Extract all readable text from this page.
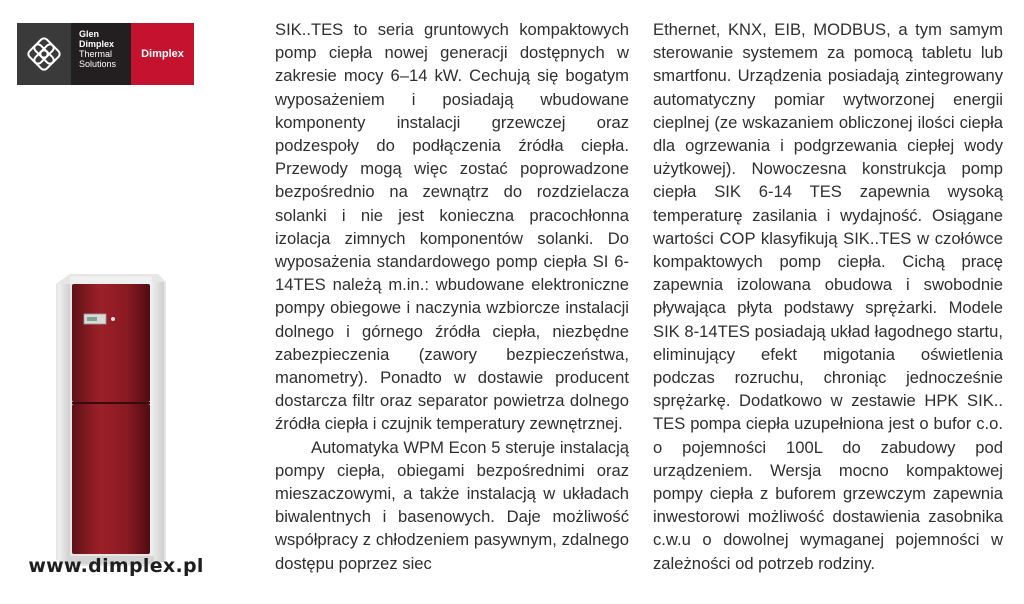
Glen
Dimplex
Thermal
Solutions
Dimplex
www.dimplex.pl

SIK..TES to seria gruntowych kompaktowych pomp ciepła nowej generacji dostępnych w zakresie mocy 6–14 kW. Cechują się bogatym wyposażeniem i posiadają wbudowane komponenty instalacji grzewczej oraz podzespoły do podłączenia źródła ciepła. Przewody mogą więc zostać poprowadzone bezpośrednio na zewnątrz do rozdzielacza solanki i nie jest konieczna pracochłonna izolacja zimnych komponentów solanki. Do wyposażenia standardowego pomp ciepła SI 6-14TES należą m.in.: wbudowane elektroniczne pompy obiegowe i naczynia wzbiorcze instalacji dolnego i górnego źródła ciepła, niezbędne zabezpieczenia (zawory bezpieczeństwa, manometry). Ponadto w dostawie producent dostarcza filtr oraz separator powietrza dolnego źródła ciepła i czujnik temperatury zewnętrznej.

Automatyka WPM Econ 5 steruje instalacją pompy ciepła, obiegami bezpośrednimi oraz mieszaczowymi, a także instalacją w układach biwalentnych i basenowych. Daje możliwość współpracy z chłodzeniem pasywnym, zdalnego dostępu poprzez siec

Ethernet, KNX, EIB, MODBUS, a tym samym sterowanie systemem za pomocą tabletu lub smartfonu. Urządzenia posiadają zintegrowany automatyczny pomiar wytworzonej energii cieplnej (ze wskazaniem obliczonej ilości ciepła dla ogrzewania i podgrzewania ciepłej wody użytkowej). Nowoczesna konstrukcja pomp ciepła SIK 6-14 TES zapewnia wysoką temperaturę zasilania i wydajność. Osiągane wartości COP klasyfikują SIK..TES w czołówce kompaktowych pomp ciepła. Cichą pracę zapewnia izolowana obudowa i swobodnie pływająca płyta podstawy sprężarki. Modele SIK 8-14TES posiadają układ łagodnego startu, eliminujący efekt migotania oświetlenia podczas rozruchu, chroniąc jednocześnie sprężarkę. Dodatkowo w zestawie HPK SIK.. TES pompa ciepła uzupełniona jest o bufor c.o. o pojemności 100L do zabudowy pod urządzeniem. Wersja mocno kompaktowej pompy ciepła z buforem grzewczym zapewnia inwestorowi możliwość dostawienia zasobnika c.w.u o dowolnej wymaganej pojemności w zależności od potrzeb rodziny.
